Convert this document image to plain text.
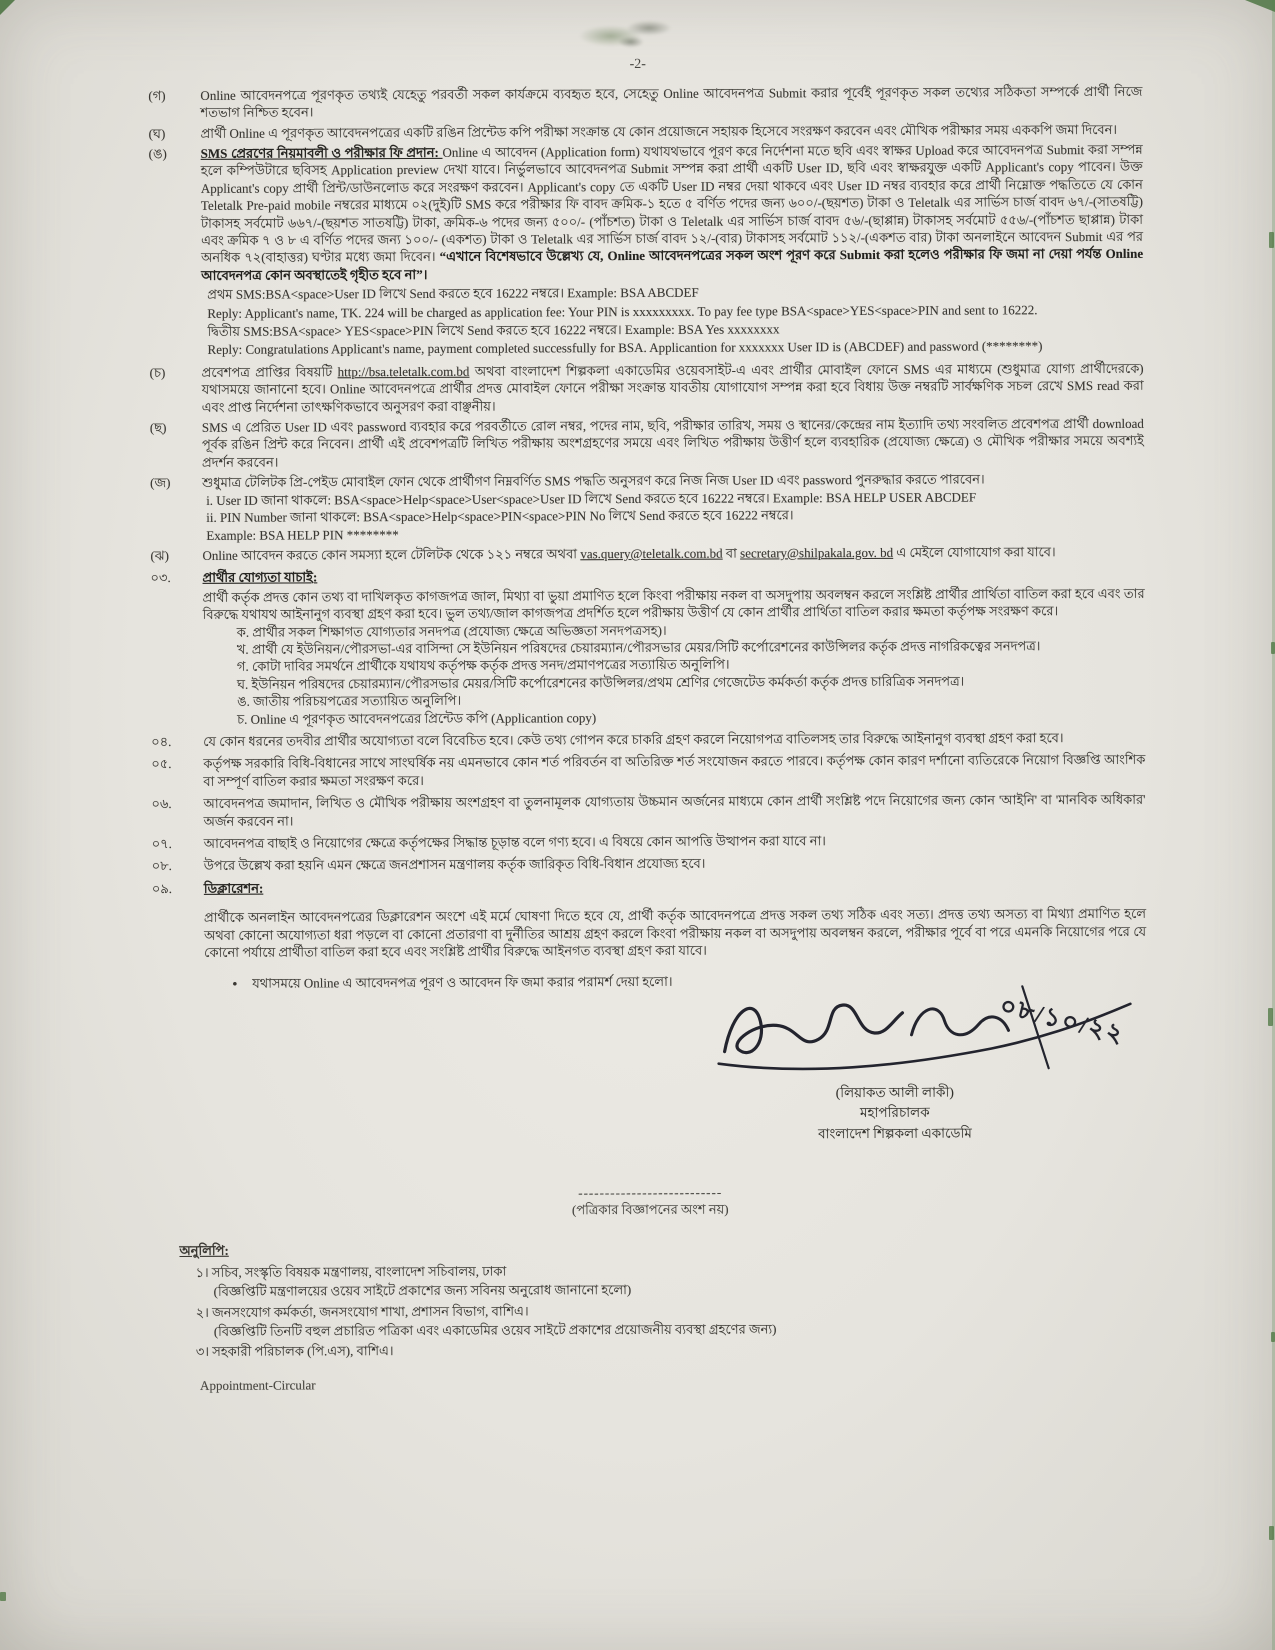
-2-
(গ)	Online আবেদনপত্রে পূরণকৃত তথ্যই যেহেতু পরবর্তী সকল কার্যক্রমে ব্যবহৃত হবে, সেহেতু Online আবেদনপত্র Submit করার পূর্বেই পূরণকৃত সকল তথ্যের সঠিকতা সম্পর্কে প্রার্থী নিজে শতভাগ নিশ্চিত হবেন।
(ঘ)	প্রার্থী Online এ পূরণকৃত আবেদনপত্রের একটি রঙিন প্রিন্টেড কপি পরীক্ষা সংক্রান্ত যে কোন প্রয়োজনে সহায়ক হিসেবে সংরক্ষণ করবেন এবং মৌখিক পরীক্ষার সময় এককপি জমা দিবেন।
(ঙ)	SMS প্রেরণের নিয়মাবলী ও পরীক্ষার ফি প্রদান: Online এ আবেদন (Application form) যথাযথভাবে পূরণ করে নির্দেশনা মতে ছবি এবং স্বাক্ষর Upload করে আবেদনপত্র Submit করা সম্পন্ন হলে কম্পিউটারে ছবিসহ Application preview দেখা যাবে। নির্ভুলভাবে আবেদনপত্র Submit সম্পন্ন করা প্রার্থী একটি User ID, ছবি এবং স্বাক্ষরযুক্ত একটি Applicant's copy পাবেন। উক্ত Applicant's copy প্রার্থী প্রিন্ট/ডাউনলোড করে সংরক্ষণ করবেন। Applicant's copy তে একটি User ID নম্বর দেয়া থাকবে এবং User ID নম্বর ব্যবহার করে প্রার্থী নিম্নোক্ত পদ্ধতিতে যে কোন Teletalk Pre-paid mobile নম্বরের মাধ্যমে ০২(দুই)টি SMS করে পরীক্ষার ফি বাবদ ক্রমিক-১ হতে ৫ বর্ণিত পদের জন্য ৬০০/-(ছয়শত) টাকা ও Teletalk এর সার্ভিস চার্জ বাবদ ৬৭/-(সাতষট্টি) টাকাসহ সর্বমোট ৬৬৭/-(ছয়শত সাতষট্টি) টাকা, ক্রমিক-৬ পদের জন্য ৫০০/- (পাঁচশত) টাকা ও Teletalk এর সার্ভিস চার্জ বাবদ ৫৬/-(ছাপ্পান্ন) টাকাসহ সর্বমোট ৫৫৬/-(পাঁচশত ছাপ্পান্ন) টাকা এবং ক্রমিক ৭ ও ৮ এ বর্ণিত পদের জন্য ১০০/- (একশত) টাকা ও Teletalk এর সার্ভিস চার্জ বাবদ ১২/-(বার) টাকাসহ সর্বমোট ১১২/-(একশত বার) টাকা অনলাইনে আবেদন Submit এর পর অনধিক ৭২(বাহাত্তর) ঘণ্টার মধ্যে জমা দিবেন। “এখানে বিশেষভাবে উল্লেখ্য যে, Online আবেদনপত্রের সকল অংশ পূরণ করে Submit করা হলেও পরীক্ষার ফি জমা না দেয়া পর্যন্ত Online আবেদনপত্র কোন অবস্থাতেই গৃহীত হবে না”।
প্রথম SMS:BSA<space>User ID লিখে Send করতে হবে 16222 নম্বরে। Example: BSA ABCDEF
Reply: Applicant's name, TK. 224 will be charged as application fee: Your PIN is xxxxxxxxx. To pay fee type BSA<space>YES<space>PIN and sent to 16222.
দ্বিতীয় SMS:BSA<space> YES<space>PIN লিখে Send করতে হবে 16222 নম্বরে। Example: BSA Yes xxxxxxxx
Reply: Congratulations Applicant's name, payment completed successfully for BSA. Applicantion for xxxxxxx User ID is (ABCDEF) and password (********)
(চ)	প্রবেশপত্র প্রাপ্তির বিষয়টি http://bsa.teletalk.com.bd অথবা বাংলাদেশ শিল্পকলা একাডেমির ওয়েবসাইট-এ এবং প্রার্থীর মোবাইল ফোনে SMS এর মাধ্যমে (শুধুমাত্র যোগ্য প্রার্থীদেরকে) যথাসময়ে জানানো হবে। Online আবেদনপত্রে প্রার্থীর প্রদত্ত মোবাইল ফোনে পরীক্ষা সংক্রান্ত যাবতীয় যোগাযোগ সম্পন্ন করা হবে বিধায় উক্ত নম্বরটি সার্বক্ষণিক সচল রেখে SMS read করা এবং প্রাপ্ত নির্দেশনা তাৎক্ষণিকভাবে অনুসরণ করা বাঞ্ছনীয়।
(ছ)	SMS এ প্রেরিত User ID এবং password ব্যবহার করে পরবর্তীতে রোল নম্বর, পদের নাম, ছবি, পরীক্ষার তারিখ, সময় ও স্থানের/কেন্দ্রের নাম ইত্যাদি তথ্য সংবলিত প্রবেশপত্র প্রার্থী download পূর্বক রঙিন প্রিন্ট করে নিবেন। প্রার্থী এই প্রবেশপত্রটি লিখিত পরীক্ষায় অংশগ্রহণের সময়ে এবং লিখিত পরীক্ষায় উত্তীর্ণ হলে ব্যবহারিক (প্রযোজ্য ক্ষেত্রে) ও মৌখিক পরীক্ষার সময়ে অবশ্যই প্রদর্শন করবেন।
(জ)	শুধুমাত্র টেলিটক প্রি-পেইড মোবাইল ফোন থেকে প্রার্থীগণ নিম্নবর্ণিত SMS পদ্ধতি অনুসরণ করে নিজ নিজ User ID এবং password পুনরুদ্ধার করতে পারবেন।
i. User ID জানা থাকলে: BSA<space>Help<space>User<space>User ID লিখে Send করতে হবে 16222 নম্বরে। Example: BSA HELP USER ABCDEF
ii. PIN Number জানা থাকলে: BSA<space>Help<space>PIN<space>PIN No লিখে Send করতে হবে 16222 নম্বরে।
Example: BSA HELP PIN ********
(ঝ)	Online আবেদন করতে কোন সমস্যা হলে টেলিটক থেকে ১২১ নম্বরে অথবা vas.query@teletalk.com.bd বা secretary@shilpakala.gov. bd এ মেইলে যোগাযোগ করা যাবে।
০৩.	প্রার্থীর যোগ্যতা যাচাই:
প্রার্থী কর্তৃক প্রদত্ত কোন তথ্য বা দাখিলকৃত কাগজপত্র জাল, মিথ্যা বা ভুয়া প্রমাণিত হলে কিংবা পরীক্ষায় নকল বা অসদুপায় অবলম্বন করলে সংশ্লিষ্ট প্রার্থীর প্রার্থিতা বাতিল করা হবে এবং তার বিরুদ্ধে যথাযথ আইনানুগ ব্যবস্থা গ্রহণ করা হবে। ভুল তথ্য/জাল কাগজপত্র প্রদর্শিত হলে পরীক্ষায় উত্তীর্ণ যে কোন প্রার্থীর প্রার্থিতা বাতিল করার ক্ষমতা কর্তৃপক্ষ সংরক্ষণ করে।
ক. প্রার্থীর সকল শিক্ষাগত যোগ্যতার সনদপত্র (প্রযোজ্য ক্ষেত্রে অভিজ্ঞতা সনদপত্রসহ)।
খ. প্রার্থী যে ইউনিয়ন/পৌরসভা-এর বাসিন্দা সে ইউনিয়ন পরিষদের চেয়ারম্যান/পৌরসভার মেয়র/সিটি কর্পোরেশনের কাউন্সিলর কর্তৃক প্রদত্ত নাগরিকত্বের সনদপত্র।
গ. কোটা দাবির সমর্থনে প্রার্থীকে যথাযথ কর্তৃপক্ষ কর্তৃক প্রদত্ত সনদ/প্রমাণপত্রের সত্যায়িত অনুলিপি।
ঘ. ইউনিয়ন পরিষদের চেয়ারম্যান/পৌরসভার মেয়র/সিটি কর্পোরেশনের কাউন্সিলর/প্রথম শ্রেণির গেজেটেড কর্মকর্তা কর্তৃক প্রদত্ত চারিত্রিক সনদপত্র।
ঙ. জাতীয় পরিচয়পত্রের সত্যায়িত অনুলিপি।
চ. Online এ পূরণকৃত আবেদনপত্রের প্রিন্টেড কপি (Applicantion copy)
০৪.	যে কোন ধরনের তদবীর প্রার্থীর অযোগ্যতা বলে বিবেচিত হবে। কেউ তথ্য গোপন করে চাকরি গ্রহণ করলে নিয়োগপত্র বাতিলসহ তার বিরুদ্ধে আইনানুগ ব্যবস্থা গ্রহণ করা হবে।
০৫.	কর্তৃপক্ষ সরকারি বিধি-বিধানের সাথে সাংঘর্ষিক নয় এমনভাবে কোন শর্ত পরিবর্তন বা অতিরিক্ত শর্ত সংযোজন করতে পারবে। কর্তৃপক্ষ কোন কারণ দর্শানো ব্যতিরেকে নিয়োগ বিজ্ঞপ্তি আংশিক বা সম্পূর্ণ বাতিল করার ক্ষমতা সংরক্ষণ করে।
০৬.	আবেদনপত্র জমাদান, লিখিত ও মৌখিক পরীক্ষায় অংশগ্রহণ বা তুলনামূলক যোগ্যতায় উচ্চমান অর্জনের মাধ্যমে কোন প্রার্থী সংশ্লিষ্ট পদে নিয়োগের জন্য কোন 'আইনি' বা 'মানবিক অধিকার' অর্জন করবেন না।
০৭.	আবেদনপত্র বাছাই ও নিয়োগের ক্ষেত্রে কর্তৃপক্ষের সিদ্ধান্ত চূড়ান্ত বলে গণ্য হবে। এ বিষয়ে কোন আপত্তি উত্থাপন করা যাবে না।
০৮.	উপরে উল্লেখ করা হয়নি এমন ক্ষেত্রে জনপ্রশাসন মন্ত্রণালয় কর্তৃক জারিকৃত বিধি-বিধান প্রযোজ্য হবে।
০৯.	ডিক্লারেশন:
প্রার্থীকে অনলাইন আবেদনপত্রের ডিক্লারেশন অংশে এই মর্মে ঘোষণা দিতে হবে যে, প্রার্থী কর্তৃক আবেদনপত্রে প্রদত্ত সকল তথ্য সঠিক এবং সত্য। প্রদত্ত তথ্য অসত্য বা মিথ্যা প্রমাণিত হলে অথবা কোনো অযোগ্যতা ধরা পড়লে বা কোনো প্রতারণা বা দুর্নীতির আশ্রয় গ্রহণ করলে কিংবা পরীক্ষায় নকল বা অসদুপায় অবলম্বন করলে, পরীক্ষার পূর্বে বা পরে এমনকি নিয়োগের পরে যে কোনো পর্যায়ে প্রার্থীতা বাতিল করা হবে এবং সংশ্লিষ্ট প্রার্থীর বিরুদ্ধে আইনগত ব্যবস্থা গ্রহণ করা যাবে।
•	যথাসময়ে Online এ আবেদনপত্র পূরণ ও আবেদন ফি জমা করার পরামর্শ দেয়া হলো।
০৮/১০/২২
(লিয়াকত আলী লাকী)
মহাপরিচালক
বাংলাদেশ শিল্পকলা একাডেমি
---------------------------
(পত্রিকার বিজ্ঞাপনের অংশ নয়)
অনুলিপি:
১। সচিব, সংস্কৃতি বিষয়ক মন্ত্রণালয়, বাংলাদেশ সচিবালয়, ঢাকা
(বিজ্ঞপ্তিটি মন্ত্রণালয়ের ওয়েব সাইটে প্রকাশের জন্য সবিনয় অনুরোধ জানানো হলো)
২। জনসংযোগ কর্মকর্তা, জনসংযোগ শাখা, প্রশাসন বিভাগ, বাশিএ।
(বিজ্ঞপ্তিটি তিনটি বহুল প্রচারিত পত্রিকা এবং একাডেমির ওয়েব সাইটে প্রকাশের প্রয়োজনীয় ব্যবস্থা গ্রহণের জন্য)
৩। সহকারী পরিচালক (পি.এস), বাশিএ।
Appointment-Circular
